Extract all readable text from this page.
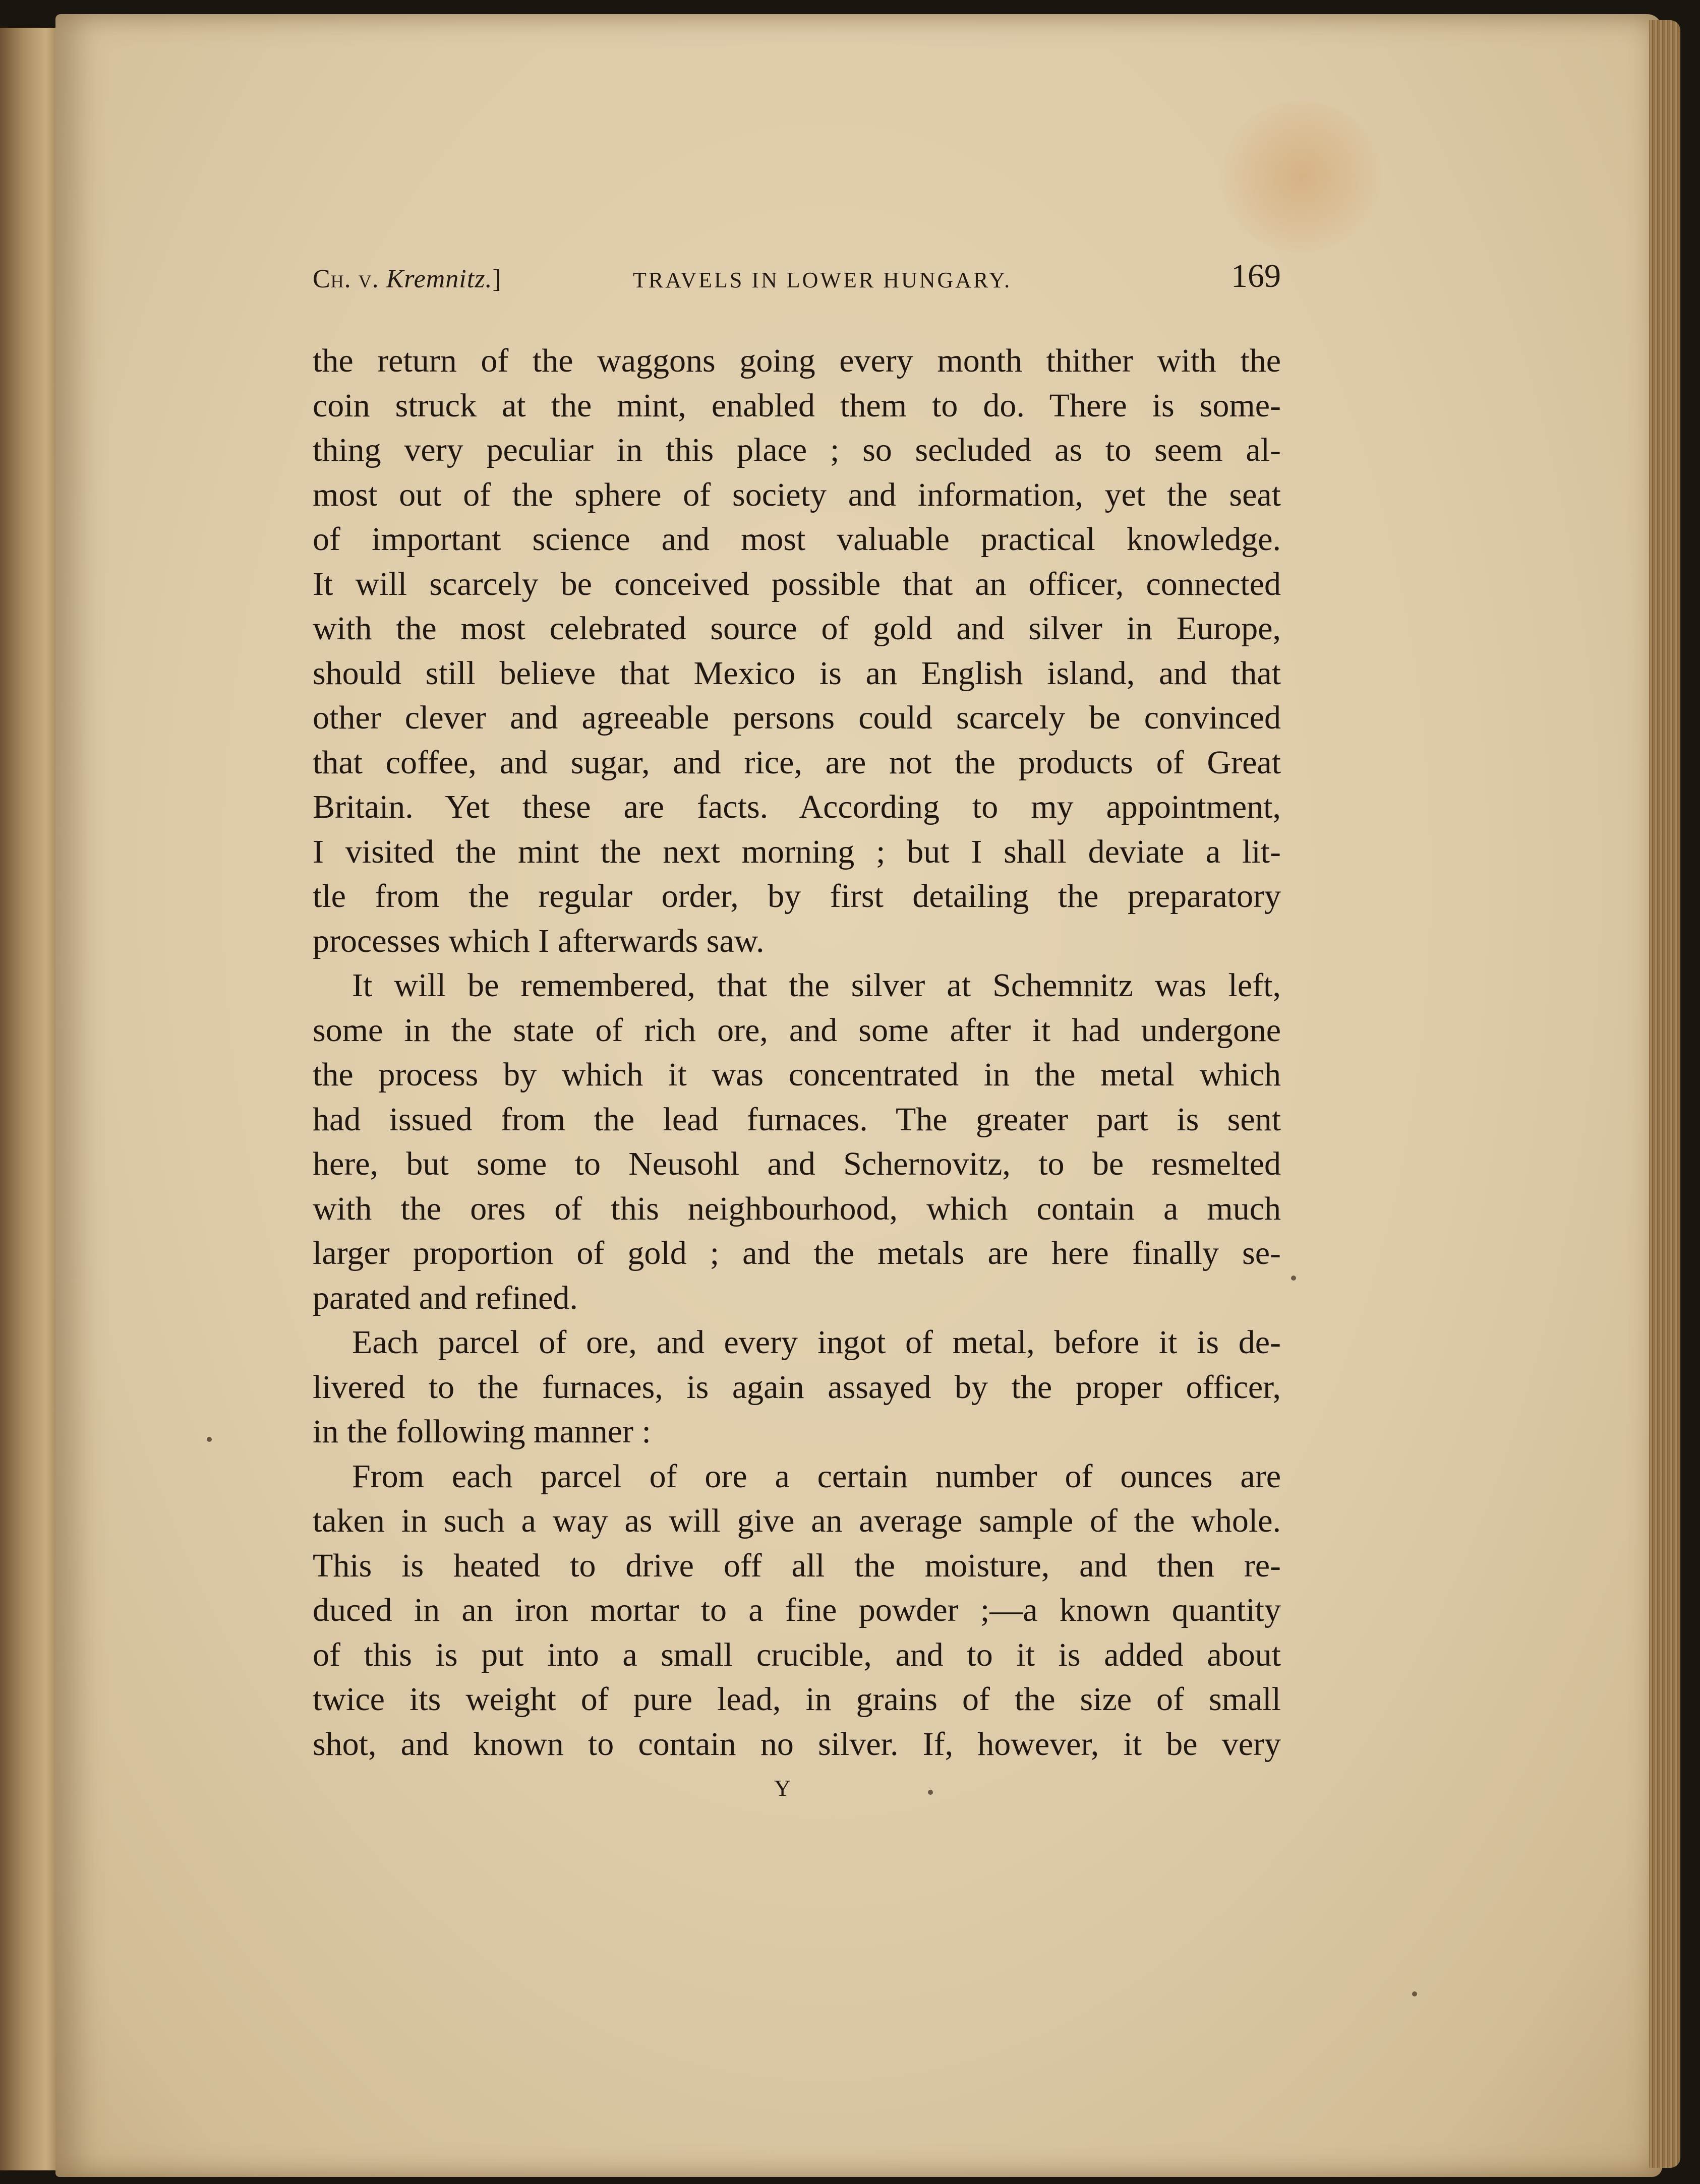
Ch. v. Kremnitz.]	TRAVELS IN LOWER HUNGARY.	169
the return of the waggons going every month thither with the
coin struck at the mint, enabled them to do. There is some-
thing very peculiar in this place ; so secluded as to seem al-
most out of the sphere of society and information, yet the seat
of important science and most valuable practical knowledge.
It will scarcely be conceived possible that an officer, connected
with the most celebrated source of gold and silver in Europe,
should still believe that Mexico is an English island, and that
other clever and agreeable persons could scarcely be convinced
that coffee, and sugar, and rice, are not the products of Great
Britain. Yet these are facts. According to my appointment,
I visited the mint the next morning ; but I shall deviate a lit-
tle from the regular order, by first detailing the preparatory
processes which I afterwards saw.
It will be remembered, that the silver at Schemnitz was left,
some in the state of rich ore, and some after it had undergone
the process by which it was concentrated in the metal which
had issued from the lead furnaces. The greater part is sent
here, but some to Neusohl and Schernovitz, to be resmelted
with the ores of this neighbourhood, which contain a much
larger proportion of gold ; and the metals are here finally se-
parated and refined.
Each parcel of ore, and every ingot of metal, before it is de-
livered to the furnaces, is again assayed by the proper officer,
in the following manner :
From each parcel of ore a certain number of ounces are
taken in such a way as will give an average sample of the whole.
This is heated to drive off all the moisture, and then re-
duced in an iron mortar to a fine powder ;—a known quantity
of this is put into a small crucible, and to it is added about
twice its weight of pure lead, in grains of the size of small
shot, and known to contain no silver. If, however, it be very
Y
